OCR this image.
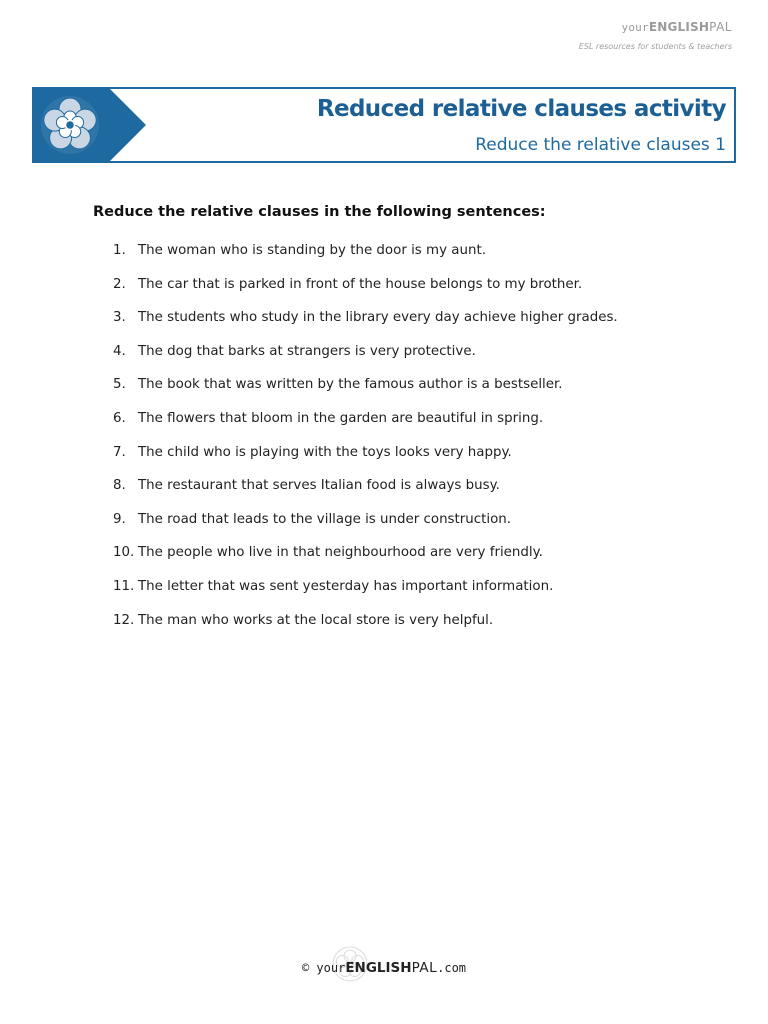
yourENGLISHPAL
ESL resources for students & teachers
Reduced relative clauses activity
Reduce the relative clauses 1
Reduce the relative clauses in the following sentences:
1. The woman who is standing by the door is my aunt.
2. The car that is parked in front of the house belongs to my brother.
3. The students who study in the library every day achieve higher grades.
4. The dog that barks at strangers is very protective.
5. The book that was written by the famous author is a bestseller.
6. The flowers that bloom in the garden are beautiful in spring.
7. The child who is playing with the toys looks very happy.
8. The restaurant that serves Italian food is always busy.
9. The road that leads to the village is under construction.
10. The people who live in that neighbourhood are very friendly.
11. The letter that was sent yesterday has important information.
12. The man who works at the local store is very helpful.
© yourENGLISHPAL.com
